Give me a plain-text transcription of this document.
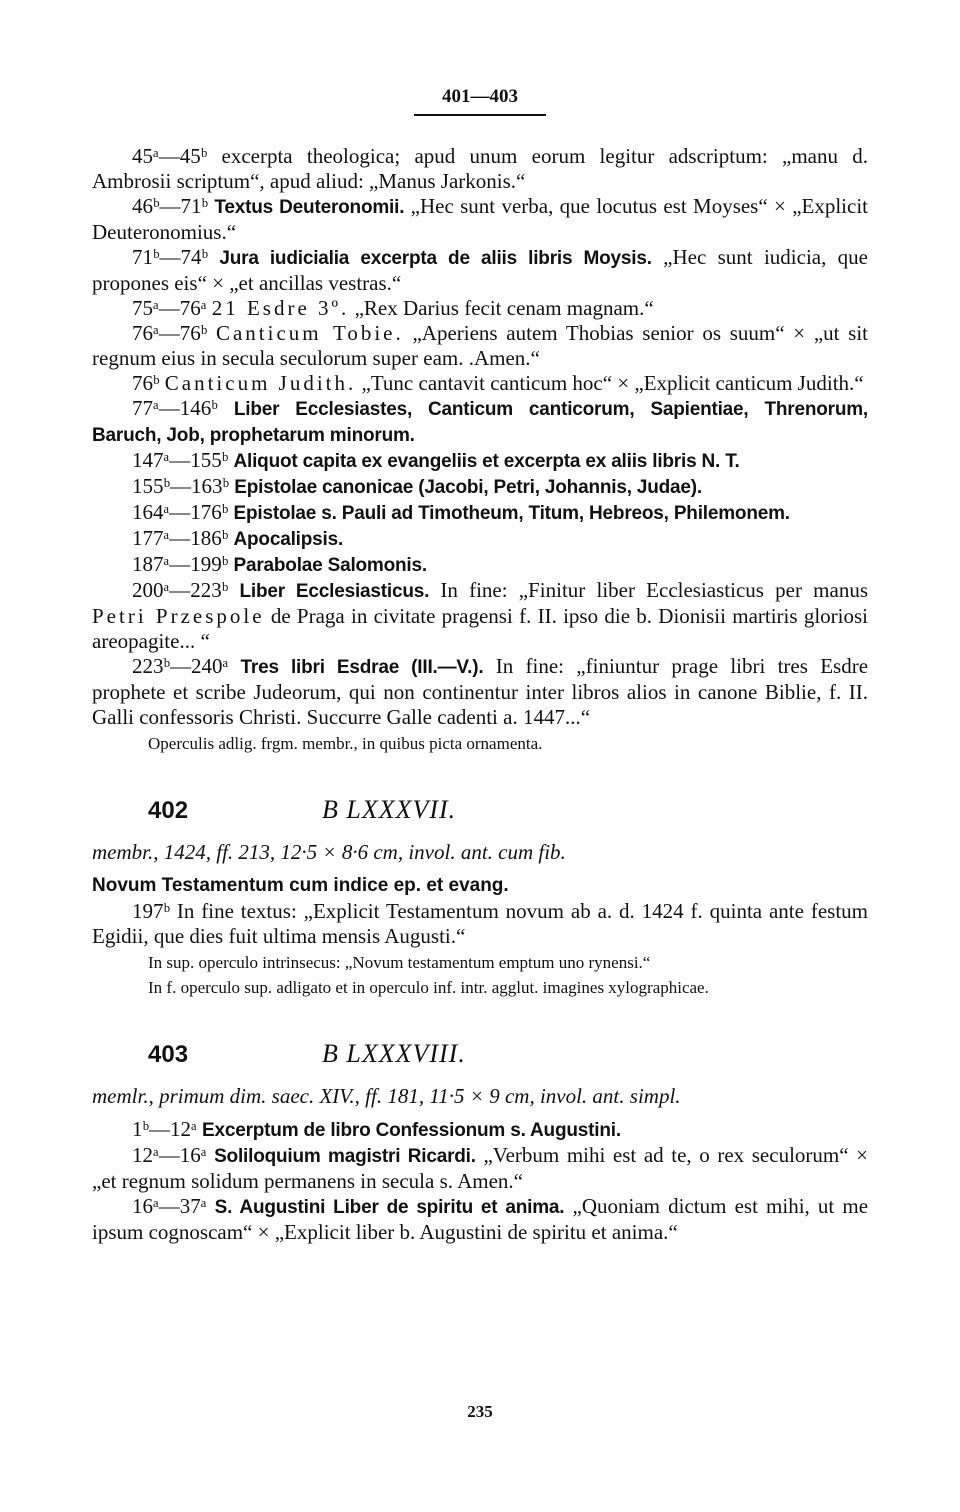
401—403

45ᵃ—45ᵇ excerpta theologica; apud unum eorum legitur adscriptum: „manu d. Ambrosii scriptum“, apud aliud: „Manus Jarkonis.“

46ᵇ—71ᵇ Textus Deuteronomii. „Hec sunt verba, que locutus est Moyses“ × „Explicit Deuteronomius.“

71ᵇ—74ᵇ Jura iudicialia excerpta de aliis libris Moysis. „Hec sunt iudicia, que propones eis“ × „et ancillas vestras.“

75ᵃ—76ᵃ 21 Esdre 3º. „Rex Darius fecit cenam magnam.“

76ᵃ—76ᵇ Canticum Tobie. „Aperiens autem Thobias senior os suum“ × „ut sit regnum eius in secula seculorum super eam. .Amen.“

76ᵇ Canticum Judith. „Tunc cantavit canticum hoc“ × „Explicit canticum Judith.“

77ᵃ—146ᵇ Liber Ecclesiastes, Canticum canticorum, Sapientiae, Threnorum, Baruch, Job, prophetarum minorum.

147ᵃ—155ᵇ Aliquot capita ex evangeliis et excerpta ex aliis libris N. T.

155ᵇ—163ᵇ Epistolae canonicae (Jacobi, Petri, Johannis, Judae).

164ᵃ—176ᵇ Epistolae s. Pauli ad Timotheum, Titum, Hebreos, Philemonem.

177ᵃ—186ᵇ Apocalipsis.

187ᵃ—199ᵇ Parabolae Salomonis.

200ᵃ—223ᵇ Liber Ecclesiasticus. In fine: „Finitur liber Ecclesiasticus per manus Petri Przespole de Praga in civitate pragensi f. II. ipso die b. Dionisii martiris gloriosi areopagite... “

223ᵇ—240ᵃ Tres libri Esdrae (III.—V.). In fine: „finiuntur prage libri tres Esdre prophete et scribe Judeorum, qui non continentur inter libros alios in canone Biblie, f. II. Galli confessoris Christi. Succurre Galle cadenti a. 1447...“

Operculis adlig. frgm. membr., in quibus picta ornamenta.

402	B LXXXVII.

membr., 1424, ff. 213, 12·5 × 8·6 cm, invol. ant. cum fib.

Novum Testamentum cum indice ep. et evang.

197ᵇ In fine textus: „Explicit Testamentum novum ab a. d. 1424 f. quinta ante festum Egidii, que dies fuit ultima mensis Augusti.“

In sup. operculo intrinsecus: „Novum testamentum emptum uno rynensi.“

In f. operculo sup. adligato et in operculo inf. intr. agglut. imagines xylographicae.

403	B LXXXVIII.

memlr., primum dim. saec. XIV., ff. 181, 11·5 × 9 cm, invol. ant. simpl.

1ᵇ—12ᵃ Excerptum de libro Confessionum s. Augustini.

12ᵃ—16ᵃ Soliloquium magistri Ricardi. „Verbum mihi est ad te, o rex seculorum“ × „et regnum solidum permanens in secula s. Amen.“

16ᵃ—37ᵃ S. Augustini Liber de spiritu et anima. „Quoniam dictum est mihi, ut me ipsum cognoscam“ × „Explicit liber b. Augustini de spiritu et anima.“

235
